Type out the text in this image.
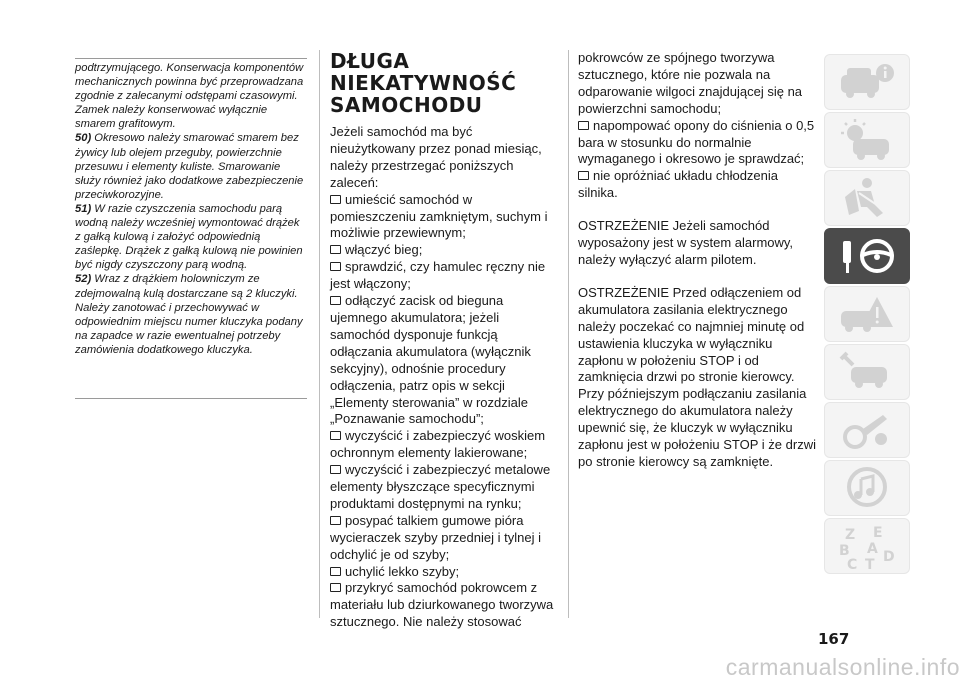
podtrzymującego. Konserwacja komponentów mechanicznych powinna być przeprowadzana zgodnie z zalecanymi odstępami czasowymi. Zamek należy konserwować wyłącznie smarem grafitowym.

50) Okresowo należy smarować smarem bez żywicy lub olejem przeguby, powierzchnie przesuwu i elementy kuliste. Smarowanie służy również jako dodatkowe zabezpieczenie przeciwkorozyjne.

51) W razie czyszczenia samochodu parą wodną należy wcześniej wymontować drążek z gałką kulową i założyć odpowiednią zaślepkę. Drążek z gałką kulową nie powinien być nigdy czyszczony parą wodną.

52) Wraz z drążkiem holowniczym ze zdejmowalną kulą dostarczane są 2 kluczyki. Należy zanotować i przechowywać w odpowiednim miejscu numer kluczyka podany na zapadce w razie ewentualnej potrzeby zamówienia dodatkowego kluczyka.

DŁUGA
NIEKATYWNOŚĆ
SAMOCHODU

Jeżeli samochód ma być nieużytkowany przez ponad miesiąc, należy przestrzegać poniższych zaleceń:

umieścić samochód w pomieszczeniu zamkniętym, suchym i możliwie przewiewnym;

włączyć bieg;

sprawdzić, czy hamulec ręczny nie jest włączony;

odłączyć zacisk od bieguna ujemnego akumulatora; jeżeli samochód dysponuje funkcją odłączania akumulatora (wyłącznik sekcyjny), odnośnie procedury odłączenia, patrz opis w sekcji „Elementy sterowania” w rozdziale „Poznawanie samochodu”;

wyczyścić i zabezpieczyć woskiem ochronnym elementy lakierowane;

wyczyścić i zabezpieczyć metalowe elementy błyszczące specyficznymi produktami dostępnymi na rynku;

posypać talkiem gumowe pióra wycieraczek szyby przedniej i tylnej i odchylić je od szyby;

uchylić lekko szyby;

przykryć samochód pokrowcem z materiału lub dziurkowanego tworzywa sztucznego. Nie należy stosować

pokrowców ze spójnego tworzywa sztucznego, które nie pozwala na odparowanie wilgoci znajdującej się na powierzchni samochodu;

napompować opony do ciśnienia o 0,5 bara w stosunku do normalnie wymaganego i okresowo je sprawdzać;

nie opróżniać układu chłodzenia silnika.

OSTRZEŻENIE Jeżeli samochód wyposażony jest w system alarmowy, należy wyłączyć alarm pilotem.

OSTRZEŻENIE Przed odłączeniem od akumulatora zasilania elektrycznego należy poczekać co najmniej minutę od ustawienia kluczyka w wyłączniku zapłonu w położeniu STOP i od zamknięcia drzwi po stronie kierowcy. Przy późniejszym podłączaniu zasilania elektrycznego do akumulatora należy upewnić się, że kluczyk w wyłączniku zapłonu jest w położeniu STOP i że drzwi po stronie kierowcy są zamknięte.

Z E
A
B D
C T
167
carmanualsonline.info
